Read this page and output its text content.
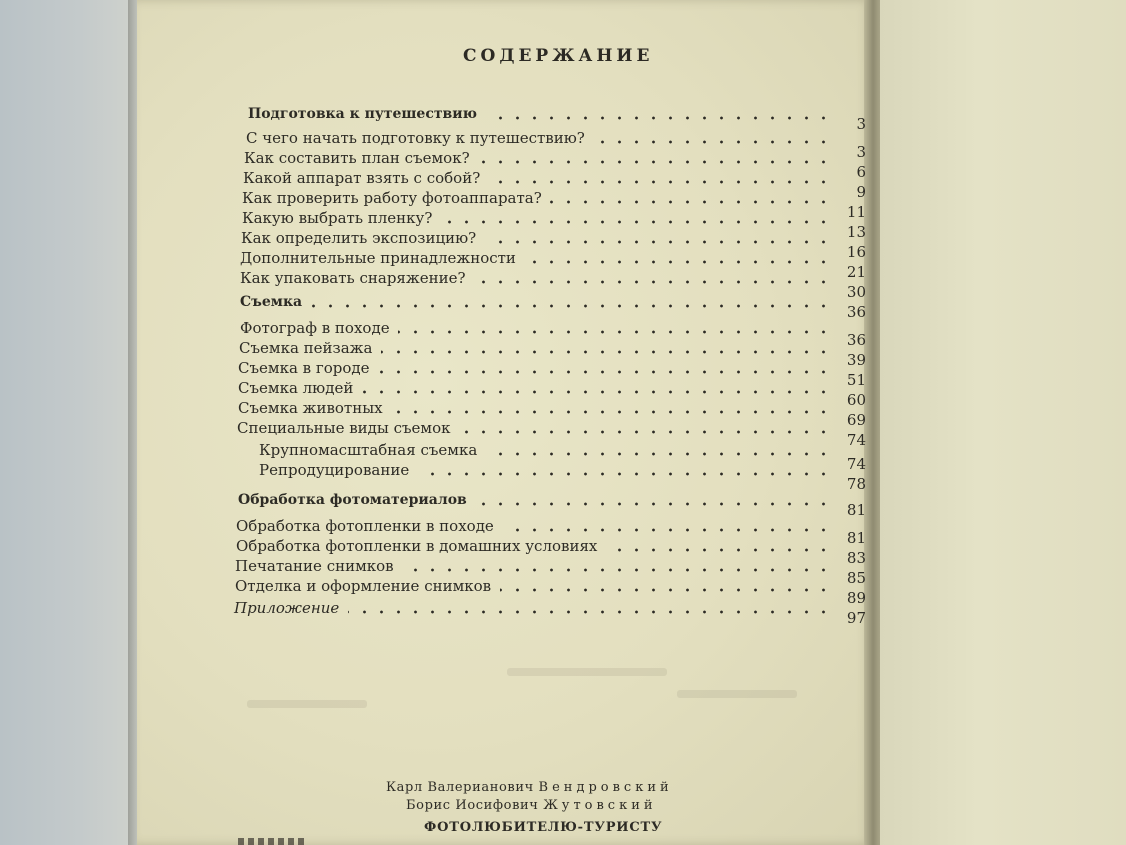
СОДЕРЖАНИЕ
Подготовка к путешествию
3
С чего начать подготовку к путешествию?
3
Как составить план съемок?
6
Какой аппарат взять с собой?
9
Как проверить работу фотоаппарата?
11
Какую выбрать пленку?
13
Как определить экспозицию?
16
Дополнительные принадлежности
21
Как упаковать снаряжение?
30
Съемка
36
Фотограф в походе
36
Съемка пейзажа
39
Съемка в городе
51
Съемка людей
60
Съемка животных
69
Специальные виды съемок
74
Крупномасштабная съемка
74
Репродуцирование
78
Обработка фотоматериалов
81
Обработка фотопленки в походе
81
Обработка фотопленки в домашних условиях
83
Печатание снимков
85
Отделка и оформление снимков
89
Приложение
97
Карл Валерианович Вендровский
Борис Иосифович Жутовский
ФОТОЛЮБИТЕЛЮ-ТУРИСТУ
